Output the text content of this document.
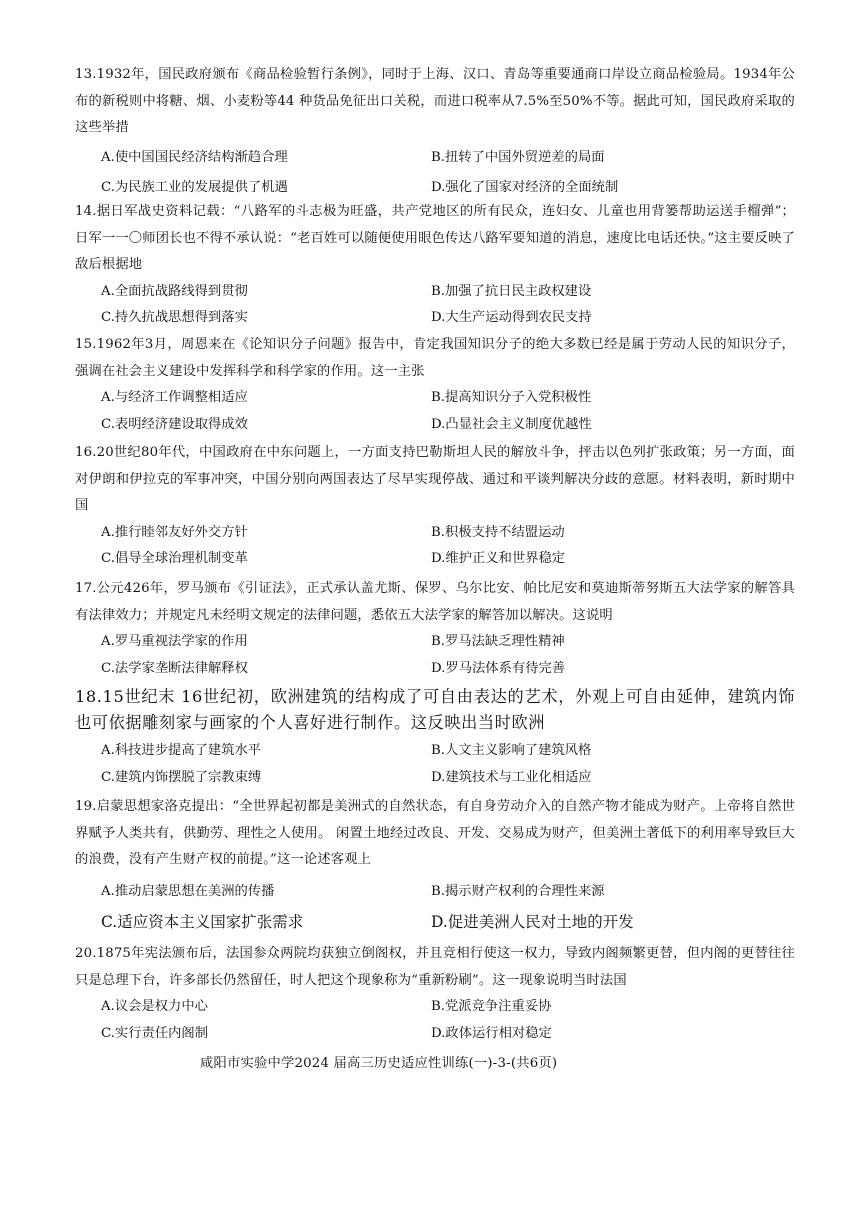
13.1932年，国民政府颁布《商品检验暂行条例》，同时于上海、汉口、青岛等重要通商口岸设立商品检验局。1934年公布的新税则中将糖、烟、小麦粉等44 种货品免征出口关税，而进口税率从7.5%至50%不等。据此可知，国民政府采取的这些举措

A.使中国国民经济结构渐趋合理	B.扭转了中国外贸逆差的局面
C.为民族工业的发展提供了机遇	D.强化了国家对经济的全面统制

14.据日军战史资料记载：“八路军的斗志极为旺盛，共产党地区的所有民众，连妇女、儿童也用背篓帮助运送手榴弹”；日军一一〇师团长也不得不承认说：“老百姓可以随便使用眼色传达八路军要知道的消息，速度比电话还快。”这主要反映了敌后根据地

A.全面抗战路线得到贯彻	B.加强了抗日民主政权建设
C.持久抗战思想得到落实	D.大生产运动得到农民支持

15.1962年3月，周恩来在《论知识分子问题》报告中，肯定我国知识分子的绝大多数已经是属于劳动人民的知识分子，强调在社会主义建设中发挥科学和科学家的作用。这一主张

A.与经济工作调整相适应	B.提高知识分子入党积极性
C.表明经济建设取得成效	D.凸显社会主义制度优越性

16.20世纪80年代，中国政府在中东问题上，一方面支持巴勒斯坦人民的解放斗争，抨击以色列扩张政策；另一方面，面对伊朗和伊拉克的军事冲突，中国分别向两国表达了尽早实现停战、通过和平谈判解决分歧的意愿。材料表明，新时期中国

A.推行睦邻友好外交方针	B.积极支持不结盟运动
C.倡导全球治理机制变革	D.维护正义和世界稳定

17.公元426年，罗马颁布《引证法》，正式承认盖尤斯、保罗、乌尔比安、帕比尼安和莫迪斯蒂努斯五大法学家的解答具有法律效力；并规定凡未经明文规定的法律问题，悉依五大法学家的解答加以解决。这说明

A.罗马重视法学家的作用	B.罗马法缺乏理性精神
C.法学家垄断法律解释权	D.罗马法体系有待完善

18.15世纪末 16世纪初，欧洲建筑的结构成了可自由表达的艺术，外观上可自由延伸，建筑内饰也可依据雕刻家与画家的个人喜好进行制作。这反映出当时欧洲

A.科技进步提高了建筑水平	B.人文主义影响了建筑风格
C.建筑内饰摆脱了宗教束缚	D.建筑技术与工业化相适应

19.启蒙思想家洛克提出：“全世界起初都是美洲式的自然状态，有自身劳动介入的自然产物才能成为财产。上帝将自然世界赋予人类共有，供勤劳、理性之人使用。 闲置土地经过改良、开发、交易成为财产，但美洲土著低下的利用率导致巨大的浪费，没有产生财产权的前提。”这一论述客观上

A.推动启蒙思想在美洲的传播	B.揭示财产权利的合理性来源
C.适应资本主义国家扩张需求	D.促进美洲人民对土地的开发

20.1875年宪法颁布后，法国参众两院均获独立倒阁权，并且竞相行使这一权力，导致内阁频繁更替，但内阁的更替往往只是总理下台，许多部长仍然留任，时人把这个现象称为“重新粉刷”。这一现象说明当时法国

A.议会是权力中心	B.党派竞争注重妥协
C.实行责任内阁制	D.政体运行相对稳定
咸阳市实验中学2024 届高三历史适应性训练(一)-3-(共6页)
